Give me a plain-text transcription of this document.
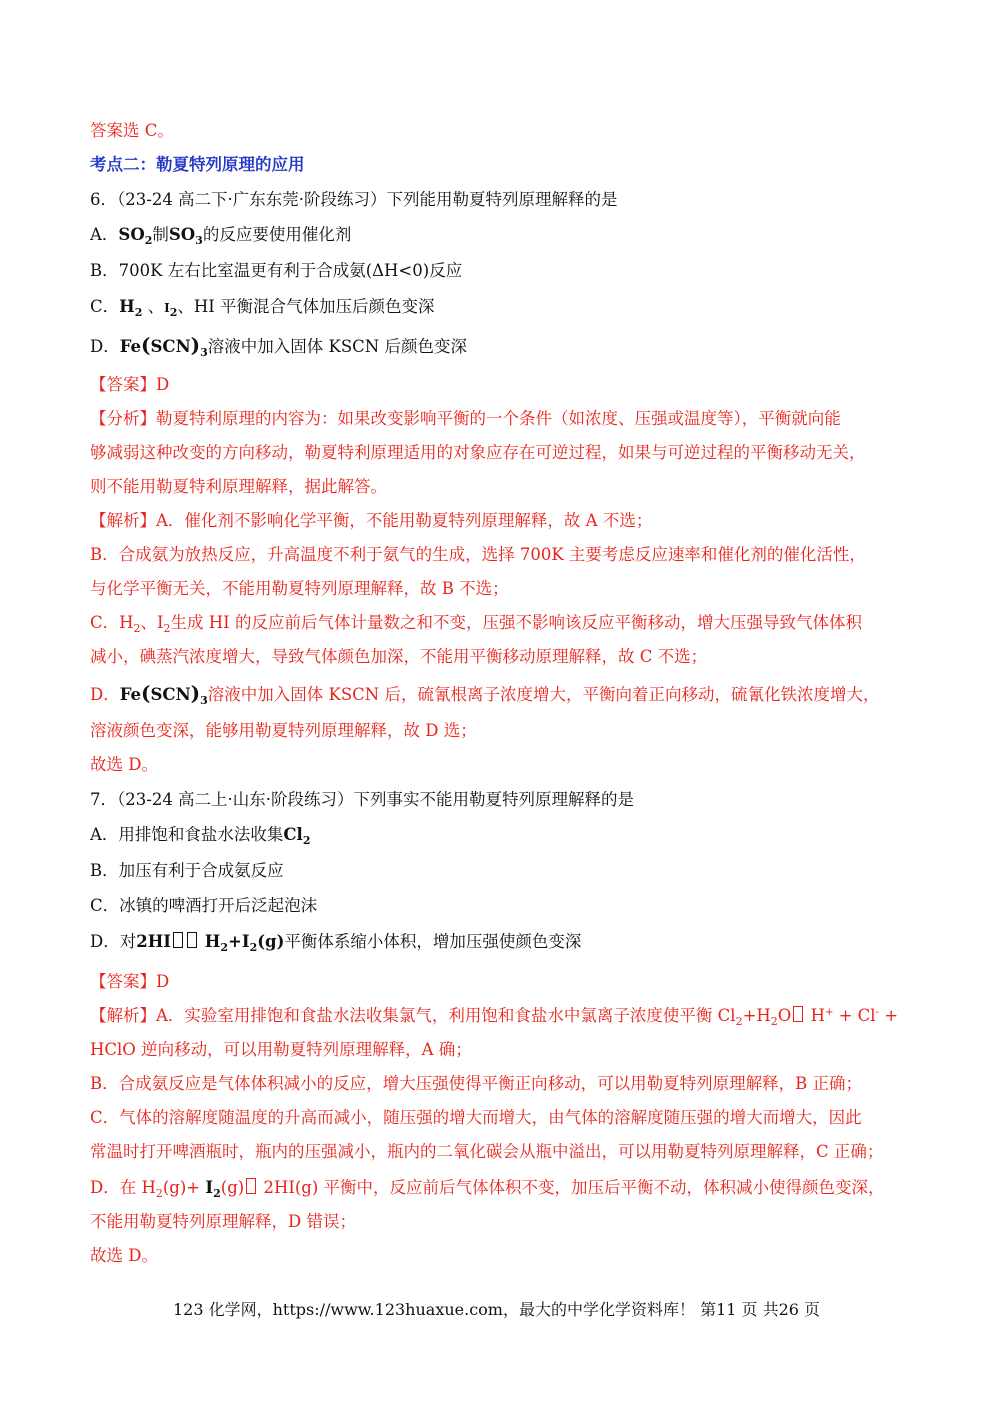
答案选 C。
考点二：勒夏特列原理的应用
6．（23-24 高二下·广东东莞·阶段练习）下列能用勒夏特列原理解释的是
A．$SO_2$制$SO_3$的反应要使用催化剂
B．700K 左右比室温更有利于合成氨(ΔH<0)反应
C．$H_2$ 、$I_2$、HI 平衡混合气体加压后颜色变深
D．$Fe(SCN)_3$溶液中加入固体 KSCN 后颜色变深
【答案】D
【分析】勒夏特利原理的内容为：如果改变影响平衡的一个条件（如浓度、压强或温度等），平衡就向能
够减弱这种改变的方向移动，勒夏特利原理适用的对象应存在可逆过程，如果与可逆过程的平衡移动无关，
则不能用勒夏特利原理解释，据此解答。
【解析】A．催化剂不影响化学平衡，不能用勒夏特列原理解释，故 A 不选；
B．合成氨为放热反应，升高温度不利于氨气的生成，选择 700K 主要考虑反应速率和催化剂的催化活性，
与化学平衡无关，不能用勒夏特列原理解释，故 B 不选；
C．$H_2$、$I_2$生成 HI 的反应前后气体计量数之和不变，压强不影响该反应平衡移动，增大压强导致气体体积
减小，碘蒸汽浓度增大，导致气体颜色加深，不能用平衡移动原理解释，故 C 不选；
D．$Fe(SCN)_3$溶液中加入固体 KSCN 后，硫氰根离子浓度增大，平衡向着正向移动，硫氰化铁浓度增大，
溶液颜色变深，能够用勒夏特列原理解释，故 D 选；
故选 D。
7．（23-24 高二上·山东·阶段练习）下列事实不能用勒夏特列原理解释的是
A．用排饱和食盐水法收集$Cl_2$
B．加压有利于合成氨反应
C．冰镇的啤酒打开后泛起泡沫
D．对2HI $H_2+I_2(g)$平衡体系缩小体积，增加压强使颜色变深
【答案】D
【解析】A．实验室用排饱和食盐水法收集氯气，利用饱和食盐水中氯离子浓度使平衡 $Cl_2+H_2O$ H+ + Cl- +
HClO 逆向移动，可以用勒夏特列原理解释，A 确；
B．合成氨反应是气体体积减小的反应，增大压强使得平衡正向移动，可以用勒夏特列原理解释，B 正确；
C．气体的溶解度随温度的升高而减小，随压强的增大而增大，由气体的溶解度随压强的增大而增大，因此
常温时打开啤酒瓶时，瓶内的压强减小，瓶内的二氧化碳会从瓶中溢出，可以用勒夏特列原理解释，C 正确；
D．在 $H_2(g)+ I_2(g)$ 2HI(g) 平衡中，反应前后气体体积不变，加压后平衡不动，体积减小使得颜色变深，
不能用勒夏特列原理解释，D 错误；
故选 D。
123 化学网，https://www.123huaxue.com，最大的中学化学资料库！ 第11 页 共26 页
